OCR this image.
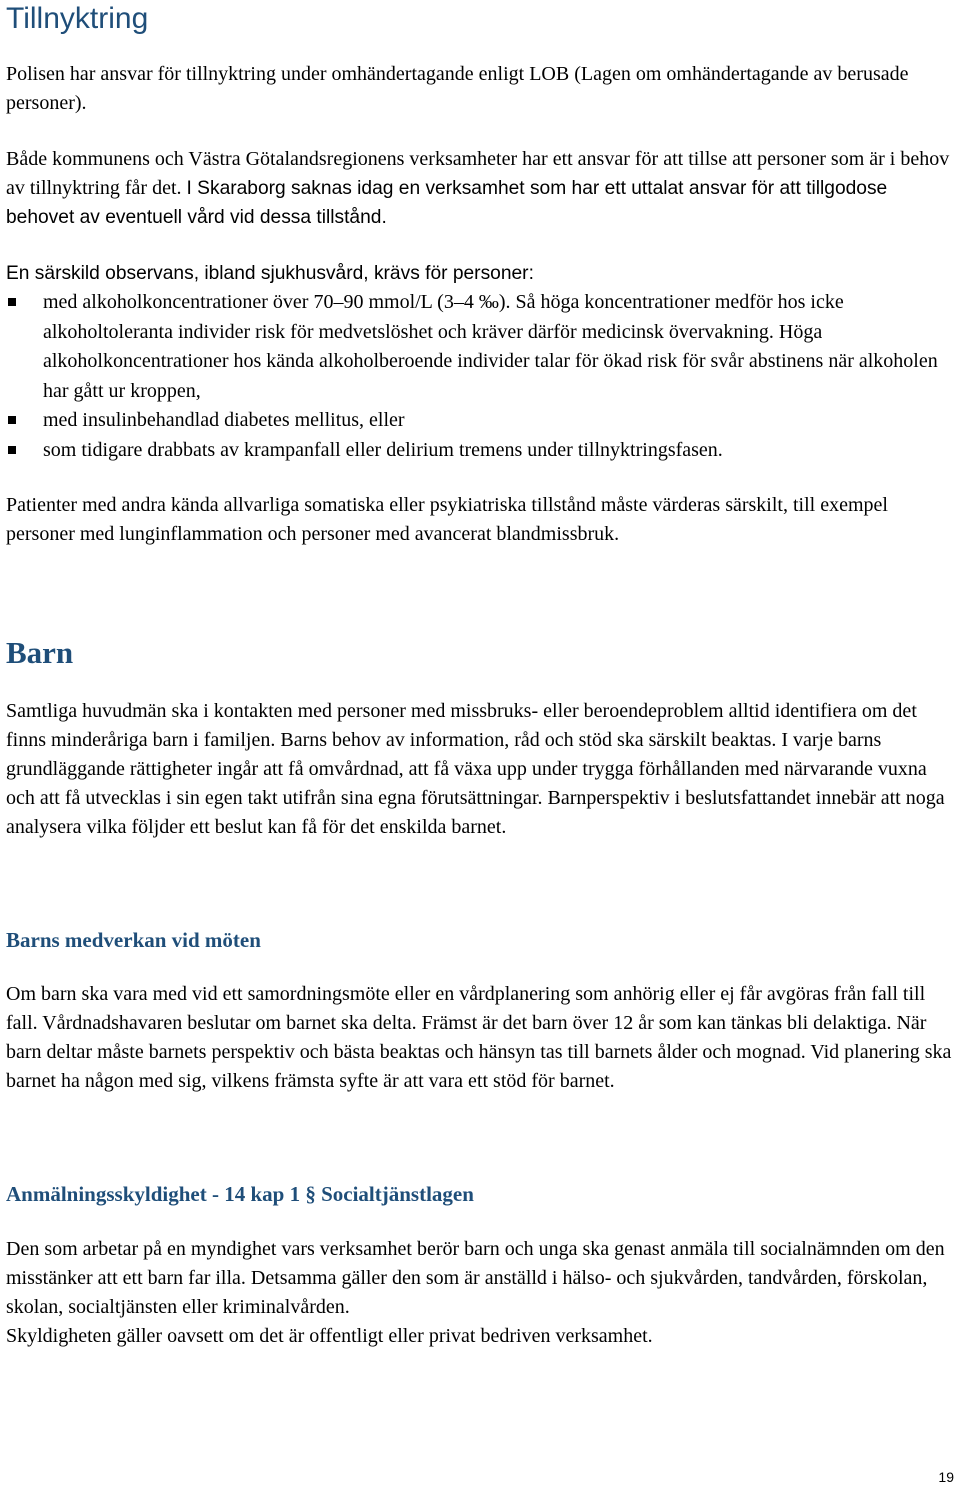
Tillnyktring

Polisen har ansvar för tillnyktring under omhändertagande enligt LOB (Lagen om omhändertagande av berusade personer).

Både kommunens och Västra Götalandsregionens verksamheter har ett ansvar för att tillse att personer som är i behov av tillnyktring får det. I Skaraborg saknas idag en verksamhet som har ett uttalat ansvar för att tillgodose behovet av eventuell vård vid dessa tillstånd.

En särskild observans, ibland sjukhusvård, krävs för personer:

med alkoholkoncentrationer över 70–90 mmol/L (3–4 ‰). Så höga koncentrationer medför hos icke alkoholtoleranta individer risk för medvetslöshet och kräver därför medicinsk övervakning. Höga alkoholkoncentrationer hos kända alkoholberoende individer talar för ökad risk för svår abstinens när alkoholen har gått ur kroppen,
med insulinbehandlad diabetes mellitus, eller
som tidigare drabbats av krampanfall eller delirium tremens under tillnyktringsfasen.

Patienter med andra kända allvarliga somatiska eller psykiatriska tillstånd måste värderas särskilt, till exempel personer med lunginflammation och personer med avancerat blandmissbruk.

Barn

Samtliga huvudmän ska i kontakten med personer med missbruks- eller beroendeproblem alltid identifiera om det finns minderåriga barn i familjen. Barns behov av information, råd och stöd ska särskilt beaktas. I varje barns grundläggande rättigheter ingår att få omvårdnad, att få växa upp under trygga förhållanden med närvarande vuxna och att få utvecklas i sin egen takt utifrån sina egna förutsättningar. Barnperspektiv i beslutsfattandet innebär att noga analysera vilka följder ett beslut kan få för det enskilda barnet.

Barns medverkan vid möten

Om barn ska vara med vid ett samordningsmöte eller en vårdplanering som anhörig eller ej får avgöras från fall till fall. Vårdnadshavaren beslutar om barnet ska delta. Främst är det barn över 12 år som kan tänkas bli delaktiga. När barn deltar måste barnets perspektiv och bästa beaktas och hänsyn tas till barnets ålder och mognad. Vid planering ska barnet ha någon med sig, vilkens främsta syfte är att vara ett stöd för barnet.

Anmälningsskyldighet - 14 kap 1 § Socialtjänstlagen

Den som arbetar på en myndighet vars verksamhet berör barn och unga ska genast anmäla till socialnämnden om den misstänker att ett barn far illa. Detsamma gäller den som är anställd i hälso- och sjukvården, tandvården, förskolan, skolan, socialtjänsten eller kriminalvården.
Skyldigheten gäller oavsett om det är offentligt eller privat bedriven verksamhet.

19
